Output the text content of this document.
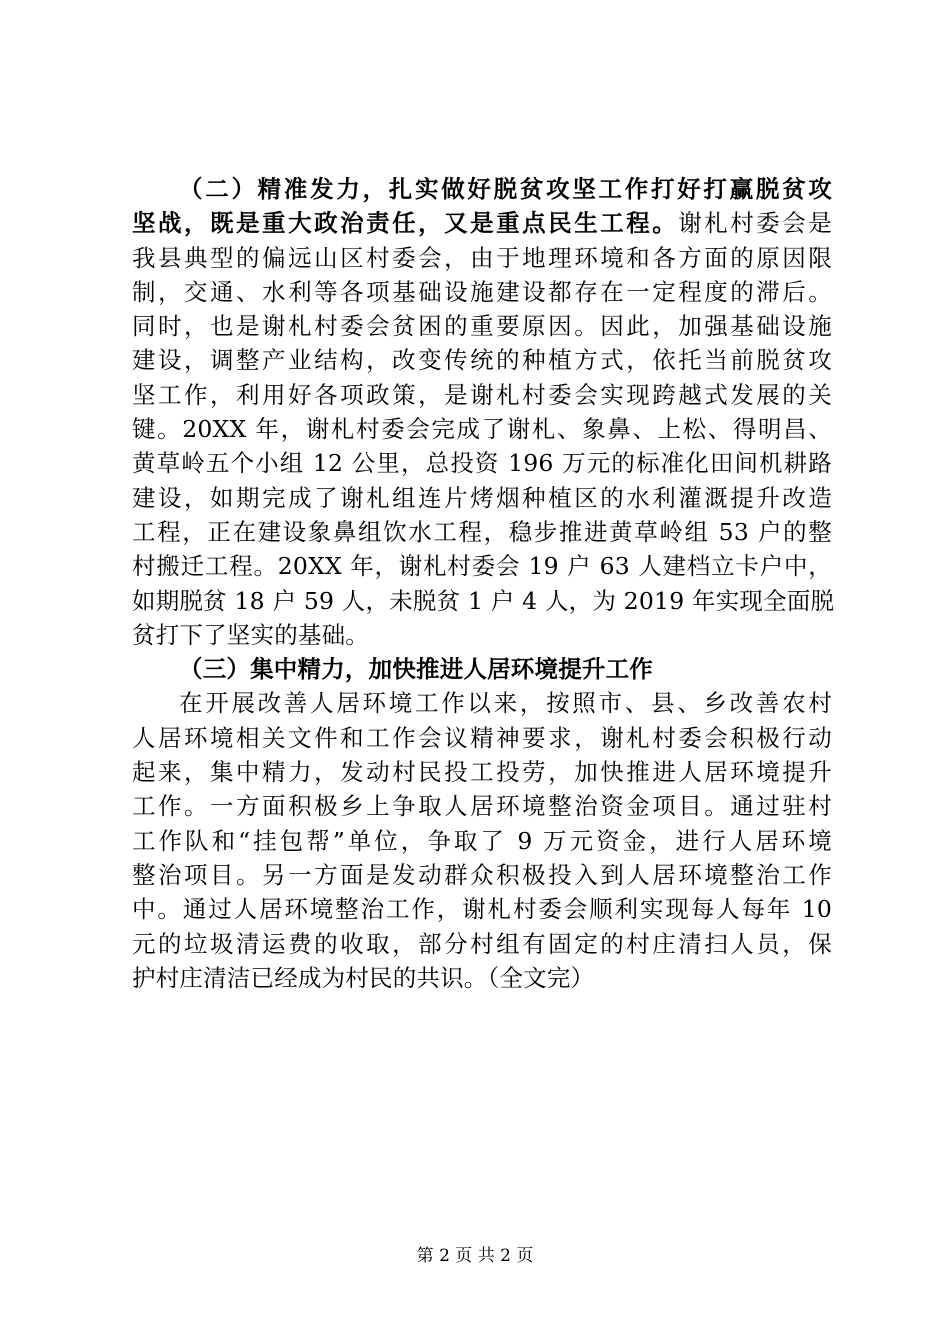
（二）精准发力，扎实做好脱贫攻坚工作打好打赢脱贫攻
坚战，既是重大政治责任，又是重点民生工程。谢札村委会是
我县典型的偏远山区村委会，由于地理环境和各方面的原因限
制，交通、水利等各项基础设施建设都存在一定程度的滞后。
同时，也是谢札村委会贫困的重要原因。因此，加强基础设施
建设，调整产业结构，改变传统的种植方式，依托当前脱贫攻
坚工作，利用好各项政策，是谢札村委会实现跨越式发展的关
键。20XX 年，谢札村委会完成了谢札、象鼻、上松、得明昌、
黄草岭五个小组 12 公里，总投资 196 万元的标准化田间机耕路
建设，如期完成了谢札组连片烤烟种植区的水利灌溉提升改造
工程，正在建设象鼻组饮水工程，稳步推进黄草岭组 53 户的整
村搬迁工程。20XX 年，谢札村委会 19 户 63 人建档立卡户中，
如期脱贫 18 户 59 人，未脱贫 1 户 4 人，为 2019 年实现全面脱
贫打下了坚实的基础。
（三）集中精力，加快推进人居环境提升工作
在开展改善人居环境工作以来，按照市、县、乡改善农村
人居环境相关文件和工作会议精神要求，谢札村委会积极行动
起来，集中精力，发动村民投工投劳，加快推进人居环境提升
工作。一方面积极乡上争取人居环境整治资金项目。通过驻村
工作队和“挂包帮”单位，争取了 9 万元资金，进行人居环境
整治项目。另一方面是发动群众积极投入到人居环境整治工作
中。通过人居环境整治工作，谢札村委会顺利实现每人每年 10
元的垃圾清运费的收取，部分村组有固定的村庄清扫人员，保
护村庄清洁已经成为村民的共识。（全文完）
第 2 页 共 2 页
